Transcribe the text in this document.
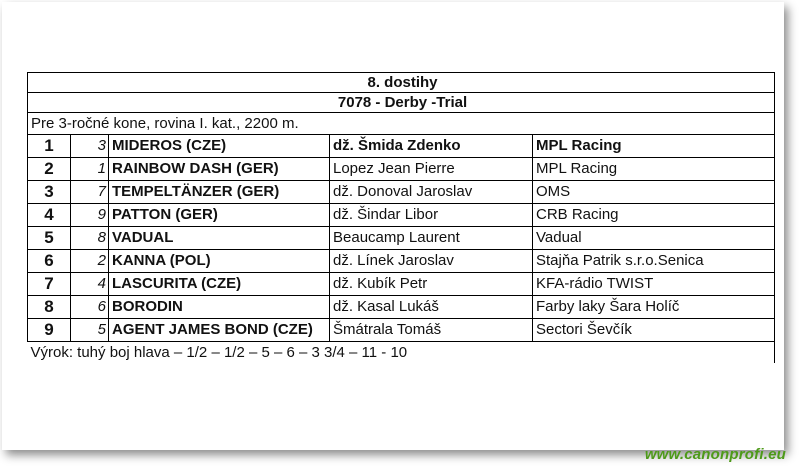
8. dostihy				
7078 - Derby -Trial				
Pre 3-ročné kone, rovina I. kat., 2200 m.				
1	3	MIDEROS (CZE)	dž. Šmida Zdenko	MPL Racing
2	1	RAINBOW DASH (GER)	Lopez Jean Pierre	MPL Racing
3	7	TEMPELTÄNZER (GER)	dž. Donoval Jaroslav	OMS
4	9	PATTON (GER)	dž. Šindar Libor	CRB Racing
5	8	VADUAL	Beaucamp Laurent	Vadual
6	2	KANNA (POL)	dž. Línek Jaroslav	Stajňa Patrik s.r.o.Senica
7	4	LASCURITA (CZE)	dž. Kubík Petr	KFA-rádio TWIST
8	6	BORODIN	dž. Kasal Lukáš	Farby laky Šara Holíč
9	5	AGENT JAMES BOND (CZE)	Šmátrala Tomáš	Sectori Ševčík
Výrok: tuhý boj hlava – 1/2 – 1/2 – 5 – 6 – 3 3/4 – 11 - 10				
www.canonprofi.eu
